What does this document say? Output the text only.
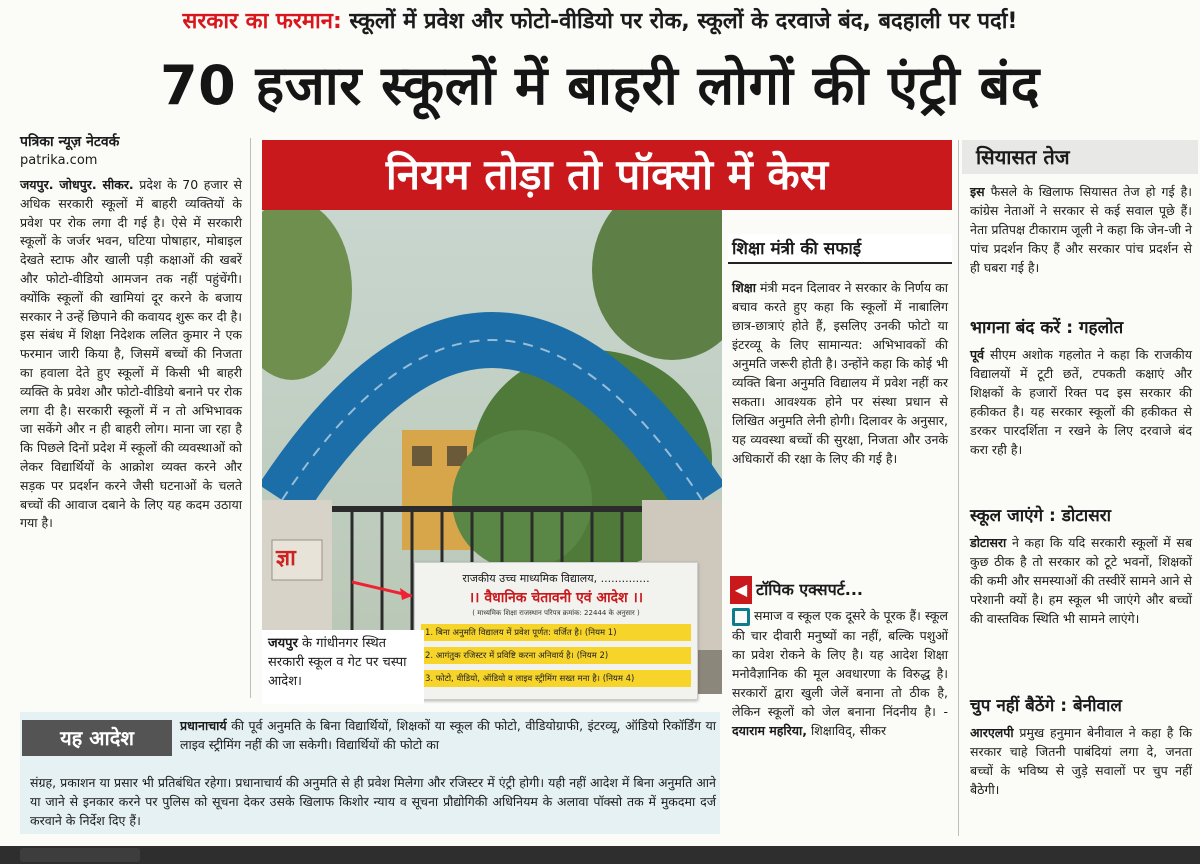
सरकार का फरमान: स्कूलों में प्रवेश और फोटो-वीडियो पर रोक, स्कूलों के दरवाजे बंद, बदहाली पर पर्दा!
70 हजार स्कूलों में बाहरी लोगों की एंट्री बंद
पत्रिका न्यूज़ नेटवर्क
patrika.com
जयपुर. जोधपुर. सीकर. प्रदेश के 70 हजार से अधिक सरकारी स्कूलों में बाहरी व्यक्तियों के प्रवेश पर रोक लगा दी गई है। ऐसे में सरकारी स्कूलों के जर्जर भवन, घटिया पोषाहार, मोबाइल देखते स्टाफ और खाली पड़ी कक्षाओं की खबरें और फोटो-वीडियो आमजन तक नहीं पहुंचेंगी। क्योंकि स्कूलों की खामियां दूर करने के बजाय सरकार ने उन्हें छिपाने की कवायद शुरू कर दी है। इस संबंध में शिक्षा निदेशक ललित कुमार ने एक फरमान जारी किया है, जिसमें बच्चों की निजता का हवाला देते हुए स्कूलों में किसी भी बाहरी व्यक्ति के प्रवेश और फोटो-वीडियो बनाने पर रोक लगा दी है। सरकारी स्कूलों में न तो अभिभावक जा सकेंगे और न ही बाहरी लोग। माना जा रहा है कि पिछले दिनों प्रदेश में स्कूलों की व्यवस्थाओं को लेकर विद्यार्थियों के आक्रोश व्यक्त करने और सड़क पर प्रदर्शन करने जैसी घटनाओं के चलते बच्चों की आवाज दबाने के लिए यह कदम उठाया गया है।
ज्ञा
नियम तोड़ा तो पॉक्सो में केस
राजकीय उच्च माध्यमिक विद्यालय, ..............
।। वैधानिक चेतावनी एवं आदेश ।।
( माध्यमिक शिक्षा राजस्थान परिपत्र क्रमांक: 22444 के अनुसार )
1. बिना अनुमति विद्यालय में प्रवेश पूर्णत: वर्जित है। (नियम 1)
2. आगंतुक रजिस्टर में प्रविष्टि करना अनिवार्य है। (नियम 2)
3. फोटो, वीडियो, ऑडियो व लाइव स्ट्रीमिंग सख्त मना है। (नियम 4)
जयपुर के गांधीनगर स्थित सरकारी स्कूल व गेट पर चस्पा आदेश।
शिक्षा मंत्री की सफाई
शिक्षा मंत्री मदन दिलावर ने सरकार के निर्णय का बचाव करते हुए कहा कि स्कूलों में नाबालिग छात्र-छात्राएं होते हैं, इसलिए उनकी फोटो या इंटरव्यू के लिए सामान्यत: अभिभावकों की अनुमति जरूरी होती है। उन्होंने कहा कि कोई भी व्यक्ति बिना अनुमति विद्यालय में प्रवेश नहीं कर सकता। आवश्यक होने पर संस्था प्रधान से लिखित अनुमति लेनी होगी। दिलावर के अनुसार, यह व्यवस्था बच्चों की सुरक्षा, निजता और उनके अधिकारों की रक्षा के लिए की गई है।
◀ टॉपिक एक्सपर्ट...
समाज व स्कूल एक दूसरे के पूरक हैं। स्कूल की चार दीवारी मनुष्यों का नहीं, बल्कि पशुओं का प्रवेश रोकने के लिए है। यह आदेश शिक्षा मनोवैज्ञानिक की मूल अवधारणा के विरुद्ध है। सरकारों द्वारा खुली जेलें बनाना तो ठीक है, लेकिन स्कूलों को जेल बनाना निंदनीय है। - दयाराम महरिया, शिक्षाविद्, सीकर
सियासत तेज
इस फैसले के खिलाफ सियासत तेज हो गई है। कांग्रेस नेताओं ने सरकार से कई सवाल पूछे हैं। नेता प्रतिपक्ष टीकाराम जूली ने कहा कि जेन-जी ने पांच प्रदर्शन किए हैं और सरकार पांच प्रदर्शन से ही घबरा गई है।
भागना बंद करें : गहलोत
पूर्व सीएम अशोक गहलोत ने कहा कि राजकीय विद्यालयों में टूटी छतें, टपकती कक्षाएं और शिक्षकों के हजारों रिक्त पद इस सरकार की हकीकत है। यह सरकार स्कूलों की हकीकत से डरकर पारदर्शिता न रखने के लिए दरवाजे बंद करा रही है।
स्कूल जाएंगे : डोटासरा
डोटासरा ने कहा कि यदि सरकारी स्कूलों में सब कुछ ठीक है तो सरकार को टूटे भवनों, शिक्षकों की कमी और समस्याओं की तस्वीरें सामने आने से परेशानी क्यों है। हम स्कूल भी जाएंगे और बच्चों की वास्तविक स्थिति भी सामने लाएंगे।
चुप नहीं बैठेंगे : बेनीवाल
आरएलपी प्रमुख हनुमान बेनीवाल ने कहा है कि सरकार चाहे जितनी पाबंदियां लगा दे, जनता बच्चों के भविष्य से जुड़े सवालों पर चुप नहीं बैठेगी।
यह आदेश
प्रधानाचार्य की पूर्व अनुमति के बिना विद्यार्थियों, शिक्षकों या स्कूल की फोटो, वीडियोग्राफी, इंटरव्यू, ऑडियो रिकॉर्डिंग या लाइव स्ट्रीमिंग नहीं की जा सकेगी। विद्यार्थियों की फोटो का
संग्रह, प्रकाशन या प्रसार भी प्रतिबंधित रहेगा। प्रधानाचार्य की अनुमति से ही प्रवेश मिलेगा और रजिस्टर में एंट्री होगी। यही नहीं आदेश में बिना अनुमति आने या जाने से इनकार करने पर पुलिस को सूचना देकर उसके खिलाफ किशोर न्याय व सूचना प्रौद्योगिकी अधिनियम के अलावा पॉक्सो तक में मुकदमा दर्ज करवाने के निर्देश दिए हैं।
